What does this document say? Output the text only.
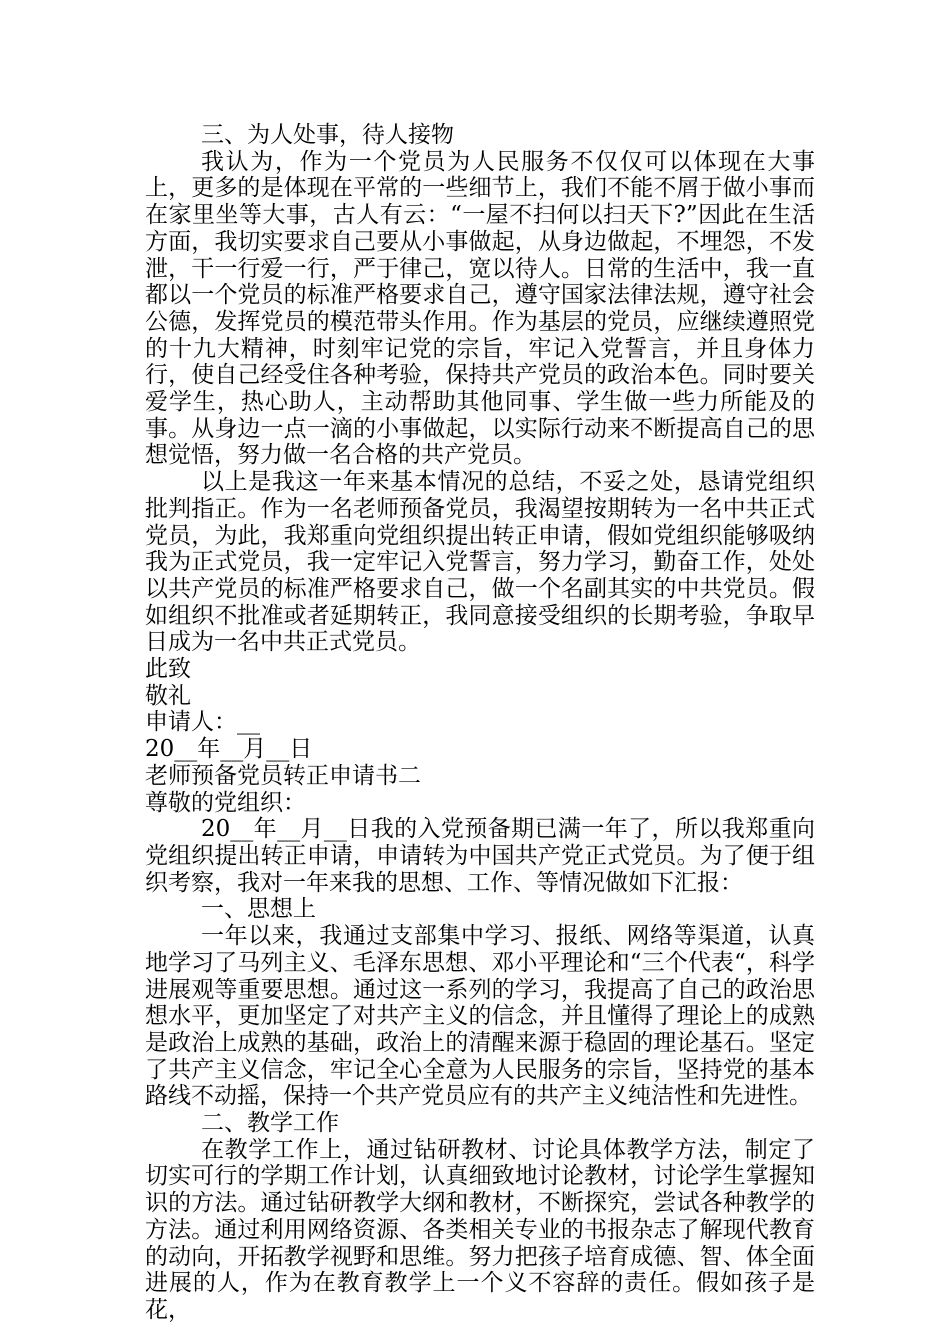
三、为人处事，待人接物

我认为，作为一个党员为人民服务不仅仅可以体现在大事上，更多的是体现在平常的一些细节上，我们不能不屑于做小事而在家里坐等大事，古人有云：“一屋不扫何以扫天下?”因此在生活方面，我切实要求自己要从小事做起，从身边做起，不埋怨，不发泄，干一行爱一行，严于律己，宽以待人。日常的生活中，我一直都以一个党员的标准严格要求自己，遵守国家法律法规，遵守社会公德，发挥党员的模范带头作用。作为基层的党员，应继续遵照党的十九大精神，时刻牢记党的宗旨，牢记入党誓言，并且身体力行，使自己经受住各种考验，保持共产党员的政治本色。同时要关爱学生，热心助人，主动帮助其他同事、学生做一些力所能及的事。从身边一点一滴的小事做起，以实际行动来不断提高自己的思想觉悟，努力做一名合格的共产党员。

以上是我这一年来基本情况的总结，不妥之处，恳请党组织批判指正。作为一名老师预备党员，我渴望按期转为一名中共正式党员，为此，我郑重向党组织提出转正申请，假如党组织能够吸纳我为正式党员，我一定牢记入党誓言，努力学习，勤奋工作，处处以共产党员的标准严格要求自己，做一个名副其实的中共党员。假如组织不批准或者延期转正，我同意接受组织的长期考验，争取早日成为一名中共正式党员。

此致

敬礼

申请人：__

20__年__月__日

老师预备党员转正申请书二

尊敬的党组织：

20__年__月__日我的入党预备期已满一年了，所以我郑重向党组织提出转正申请，申请转为中国共产党正式党员。为了便于组织考察，我对一年来我的思想、工作、等情况做如下汇报：

一、思想上

一年以来，我通过支部集中学习、报纸、网络等渠道，认真地学习了马列主义、毛泽东思想、邓小平理论和“三个代表“，科学进展观等重要思想。通过这一系列的学习，我提高了自己的政治思想水平，更加坚定了对共产主义的信念，并且懂得了理论上的成熟是政治上成熟的基础，政治上的清醒来源于稳固的理论基石。坚定了共产主义信念，牢记全心全意为人民服务的宗旨，坚持党的基本路线不动摇，保持一个共产党员应有的共产主义纯洁性和先进性。

二、教学工作

在教学工作上，通过钻研教材、讨论具体教学方法，制定了切实可行的学期工作计划，认真细致地讨论教材，讨论学生掌握知识的方法。通过钻研教学大纲和教材，不断探究，尝试各种教学的方法。通过利用网络资源、各类相关专业的书报杂志了解现代教育的动向，开拓教学视野和思维。努力把孩子培育成德、智、体全面进展的人，作为在教育教学上一个义不容辞的责任。假如孩子是花，
